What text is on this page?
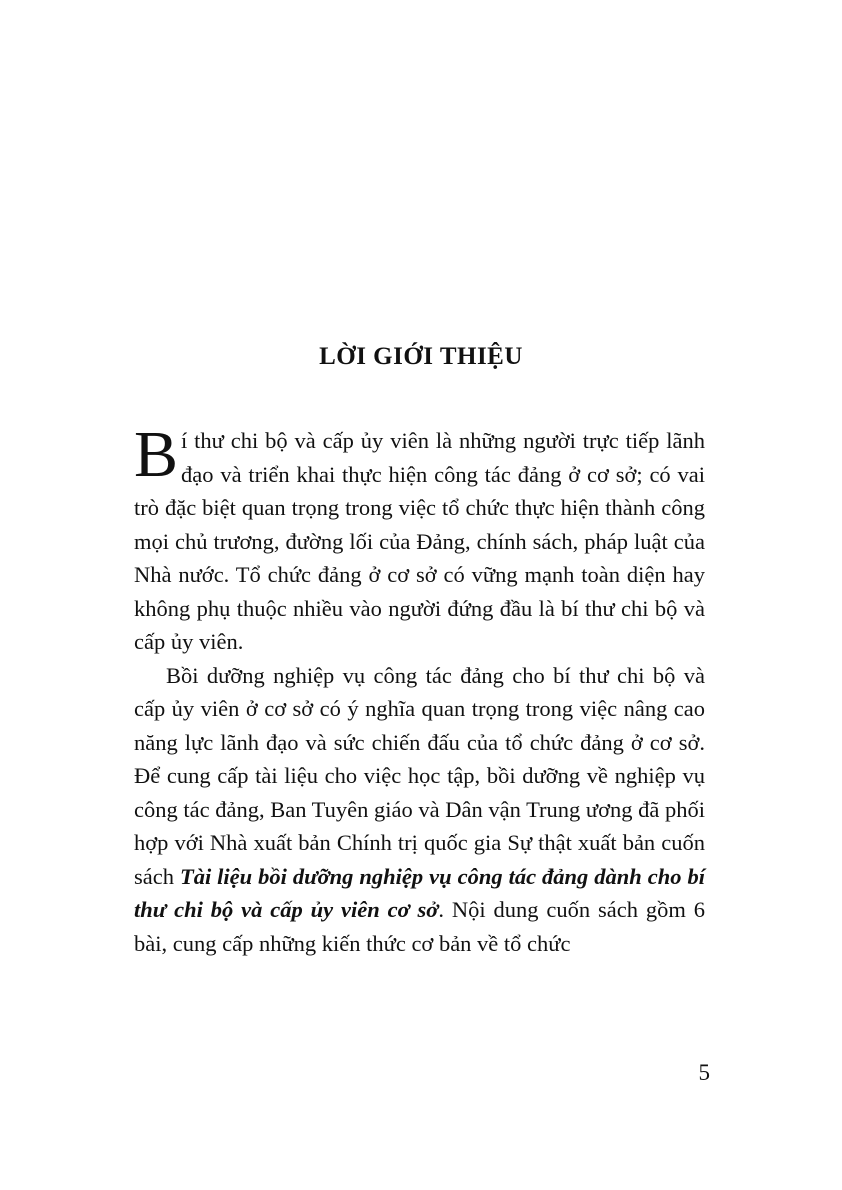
LỜI GIỚI THIỆU

Bí thư chi bộ và cấp ủy viên là những người trực tiếp lãnh đạo và triển khai thực hiện công tác đảng ở cơ sở; có vai trò đặc biệt quan trọng trong việc tổ chức thực hiện thành công mọi chủ trương, đường lối của Đảng, chính sách, pháp luật của Nhà nước. Tổ chức đảng ở cơ sở có vững mạnh toàn diện hay không phụ thuộc nhiều vào người đứng đầu là bí thư chi bộ và cấp ủy viên.

Bồi dưỡng nghiệp vụ công tác đảng cho bí thư chi bộ và cấp ủy viên ở cơ sở có ý nghĩa quan trọng trong việc nâng cao năng lực lãnh đạo và sức chiến đấu của tổ chức đảng ở cơ sở. Để cung cấp tài liệu cho việc học tập, bồi dưỡng về nghiệp vụ công tác đảng, Ban Tuyên giáo và Dân vận Trung ương đã phối hợp với Nhà xuất bản Chính trị quốc gia Sự thật xuất bản cuốn sách Tài liệu bồi dưỡng nghiệp vụ công tác đảng dành cho bí thư chi bộ và cấp ủy viên cơ sở. Nội dung cuốn sách gồm 6 bài, cung cấp những kiến thức cơ bản về tổ chức

5
